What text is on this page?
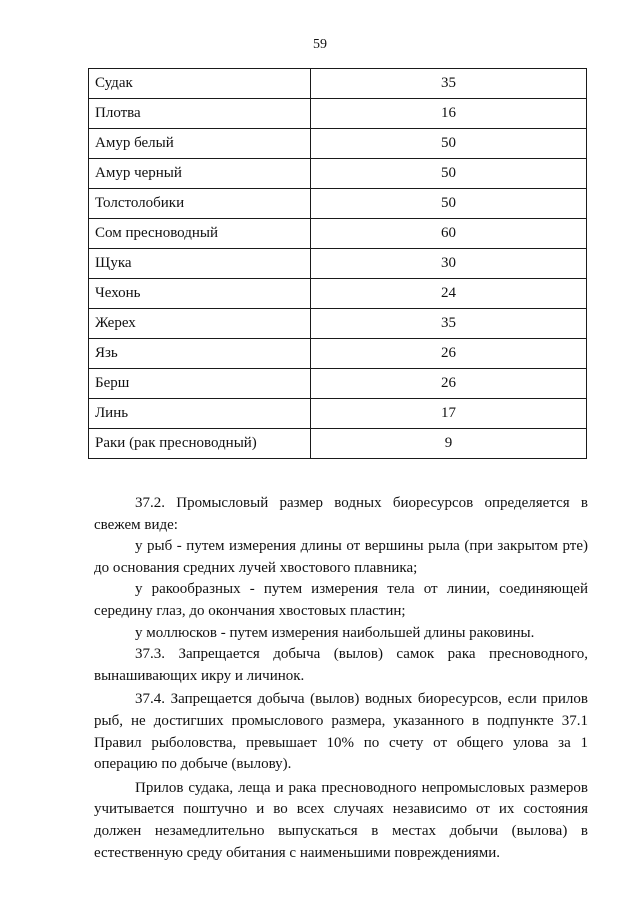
59
Судак	35
Плотва	16
Амур белый	50
Амур черный	50
Толстолобики	50
Сом пресноводный	60
Щука	30
Чехонь	24
Жерех	35
Язь	26
Берш	26
Линь	17
Раки (рак пресноводный)	9

37.2. Промысловый размер водных биоресурсов определяется в свежем виде:

у рыб - путем измерения длины от вершины рыла (при закрытом рте) до основания средних лучей хвостового плавника;

у ракообразных - путем измерения тела от линии, соединяющей середину глаз, до окончания хвостовых пластин;

у моллюсков - путем измерения наибольшей длины раковины.

37.3. Запрещается добыча (вылов) самок рака пресноводного, вынашивающих икру и личинок.

37.4. Запрещается добыча (вылов) водных биоресурсов, если прилов рыб, не достигших промыслового размера, указанного в подпункте 37.1 Правил рыболовства, превышает 10% по счету от общего улова за 1 операцию по добыче (вылову).

Прилов судака, леща и рака пресноводного непромысловых размеров учитывается поштучно и во всех случаях независимо от их состояния должен незамедлительно выпускаться в местах добычи (вылова) в естественную среду обитания с наименьшими повреждениями.
